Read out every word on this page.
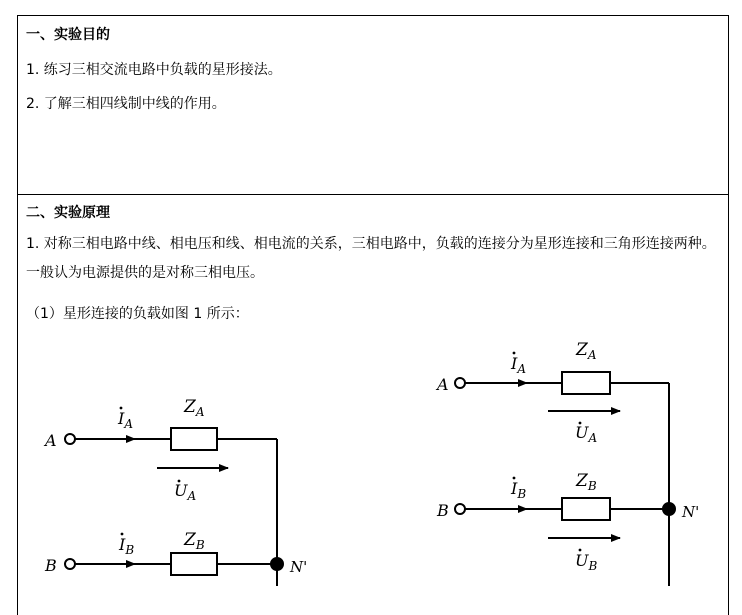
一、实验目的
1. 练习三相交流电路中负载的星形接法。
2. 了解三相四线制中线的作用。
二、实验原理
1. 对称三相电路中线、相电压和线、相电流的关系，三相电路中，负载的连接分为星形连接和三角形连接两种。一般认为电源提供的是对称三相电压。
（1）星形连接的负载如图 1 所示：
A
B	N'
$I_A$
$I_B$
$Z_A$
$Z_B$
$U_A$
A
B	N'
$I_A$
$I_B$
$Z_A$
$Z_B$
$U_A$
$U_B$
